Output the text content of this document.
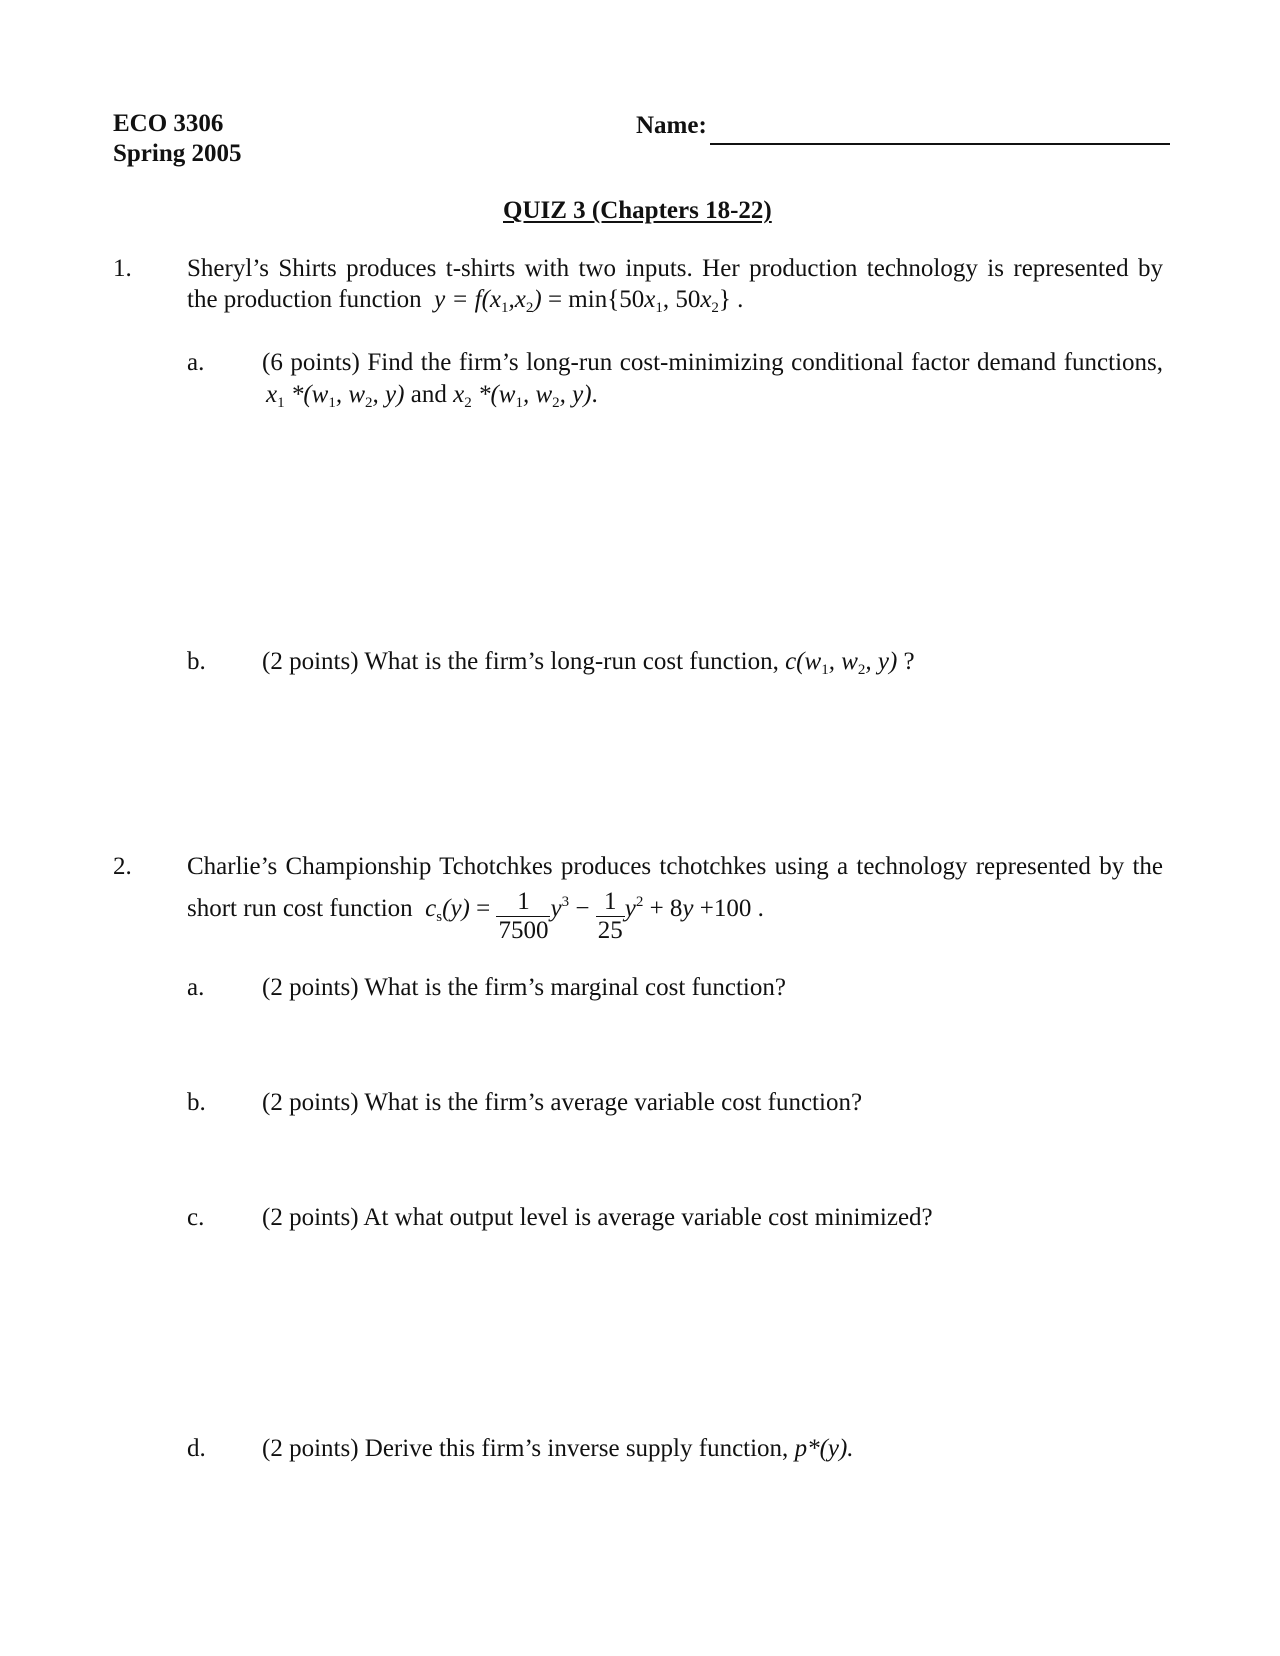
ECO 3306
Spring 2005
Name:
QUIZ 3 (Chapters 18-22)
1. Sheryl’s Shirts produces t-shirts with two inputs. Her production technology is represented by
the production function  $y = f(x_1,x_2) = \min\{50x_1$, $50x_2$} .
a. (6 points) Find the firm’s long-run cost-minimizing conditional factor demand functions,
$x_1$ $*(w_1$, $w_2$, y) and $x_2$ $*(w_1$, $w_2$, y).
b. (2 points) What is the firm’s long-run cost function, $c(w_1$, $w_2$, y) ?
2. Charlie’s Championship Tchotchkes produces tchotchkes using a technology represented by the
short run cost function  $c_s(y) = \frac{1}{7500} y^3 - \frac{1}{25} y^2 + 8y +100$ .
a. (2 points) What is the firm’s marginal cost function?
b. (2 points) What is the firm’s average variable cost function?
c. (2 points) At what output level is average variable cost minimized?
d. (2 points) Derive this firm’s inverse supply function, p*(y).
